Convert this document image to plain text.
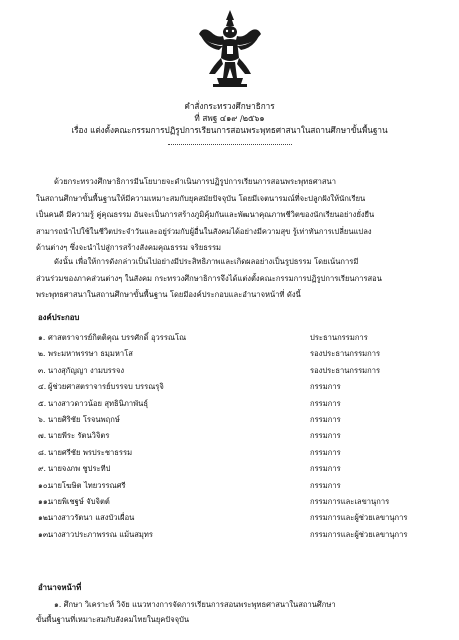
คำสั่งกระทรวงศึกษาธิการ
ที่ สพฐ ๔๑๙ /๒๕๖๑
เรื่อง แต่งตั้งคณะกรรมการปฏิรูปการเรียนการสอนพระพุทธศาสนาในสถานศึกษาขั้นพื้นฐาน
ด้วยกระทรวงศึกษาธิการมีนโยบายจะดำเนินการปฏิรูปการเรียนการสอนพระพุทธศาสนา
ในสถานศึกษาขั้นพื้นฐานให้มีความเหมาะสมกับยุคสมัยปัจจุบัน โดยมีเจตนารมณ์ที่จะปลูกฝังให้นักเรียน
เป็นคนดี มีความรู้ คู่คุณธรรม อันจะเป็นการสร้างภูมิคุ้มกันและพัฒนาคุณภาพชีวิตของนักเรียนอย่างยั่งยืน
สามารถนำไปใช้ในชีวิตประจำวันและอยู่ร่วมกับผู้อื่นในสังคมได้อย่างมีความสุข รู้เท่าทันการเปลี่ยนแปลง
ด้านต่างๆ ซึ่งจะนำไปสู่การสร้างสังคมคุณธรรม จริยธรรม
ดังนั้น เพื่อให้การดังกล่าวเป็นไปอย่างมีประสิทธิภาพและเกิดผลอย่างเป็นรูปธรรม โดยเน้นการมี
ส่วนร่วมของภาคส่วนต่างๆ ในสังคม กระทรวงศึกษาธิการจึงได้แต่งตั้งคณะกรรมการปฏิรูปการเรียนการสอน
พระพุทธศาสนาในสถานศึกษาขั้นพื้นฐาน โดยมีองค์ประกอบและอำนาจหน้าที่ ดังนี้
องค์ประกอบ
๑. ศาสตราจารย์กิตติคุณ บรรศักดิ์ อุวรรณโณ	ประธานกรรมการ
๒. พระมหาพรรษา ธมฺมหาโส	รองประธานกรรมการ
๓. นางสุกัญญา งามบรรจง	รองประธานกรรมการ
๔. ผู้ช่วยศาสตราจารย์บรรจบ บรรณรุจิ	กรรมการ
๕. นางสาวดาวน้อย สุทธินิภาพันธุ์	กรรมการ
๖. นายศิริชัย โรจนพฤกษ์	กรรมการ
๗. นายพีระ รัตนวิจิตร	กรรมการ
๘. นายศรีชัย พรประชาธรรม	กรรมการ
๙. นายจงภพ ชูประทีป	กรรมการ
๑๐.
นายโฆษิต ไทยวรรณศรี	กรรมการ
๑๑.
นายพิเชฐษ์ จับจิตต์	กรรมการและเลขานุการ
๑๒.
นางสาวรัตนา แสงบัวเผื่อน	กรรมการและผู้ช่วยเลขานุการ
๑๓.
นางสาวประภาพรรณ แม้นสมุทร	กรรมการและผู้ช่วยเลขานุการ
อำนาจหน้าที่
๑. ศึกษา วิเคราะห์ วิจัย แนวทางการจัดการเรียนการสอนพระพุทธศาสนาในสถานศึกษา
ขั้นพื้นฐานที่เหมาะสมกับสังคมไทยในยุคปัจจุบัน
